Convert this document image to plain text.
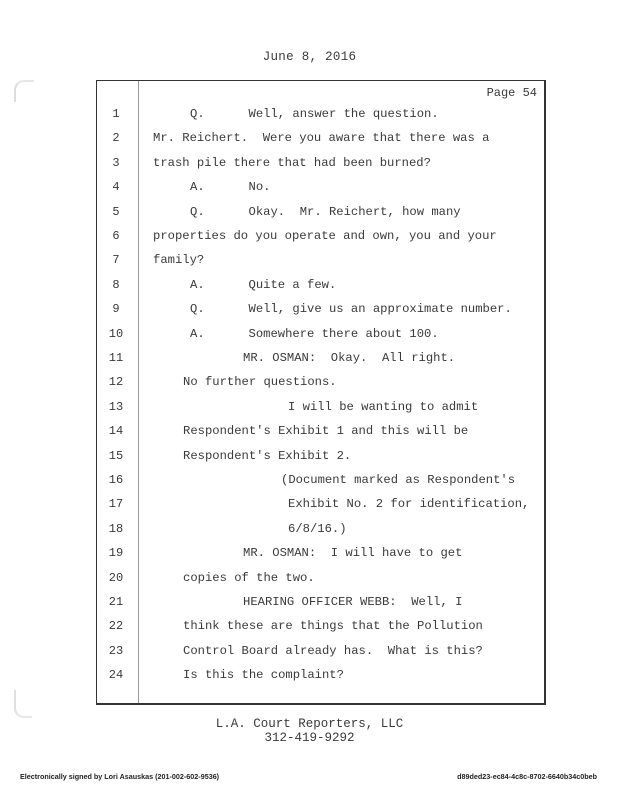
June 8, 2016
Page 54
1	Q.      Well, answer the question.
2	Mr. Reichert.  Were you aware that there was a
3	trash pile there that had been burned?
4	A.      No.
5	Q.      Okay.  Mr. Reichert, how many
6	properties do you operate and own, you and your
7	family?
8	A.      Quite a few.
9	Q.      Well, give us an approximate number.
10	A.      Somewhere there about 100.
11	MR. OSMAN:  Okay.  All right.
12	No further questions.
13	I will be wanting to admit
14	Respondent's Exhibit 1 and this will be
15	Respondent's Exhibit 2.
16	(Document marked as Respondent's
17	Exhibit No. 2 for identification,
18	6/8/16.)
19	MR. OSMAN:  I will have to get
20	copies of the two.
21	HEARING OFFICER WEBB:  Well, I
22	think these are things that the Pollution
23	Control Board already has.  What is this?
24	Is this the complaint?
L.A. Court Reporters, LLC
312-419-9292
Electronically signed by Lori Asauskas (201-002-602-9536)	d89ded23-ec84-4c8c-8702-6640b34c0beb
